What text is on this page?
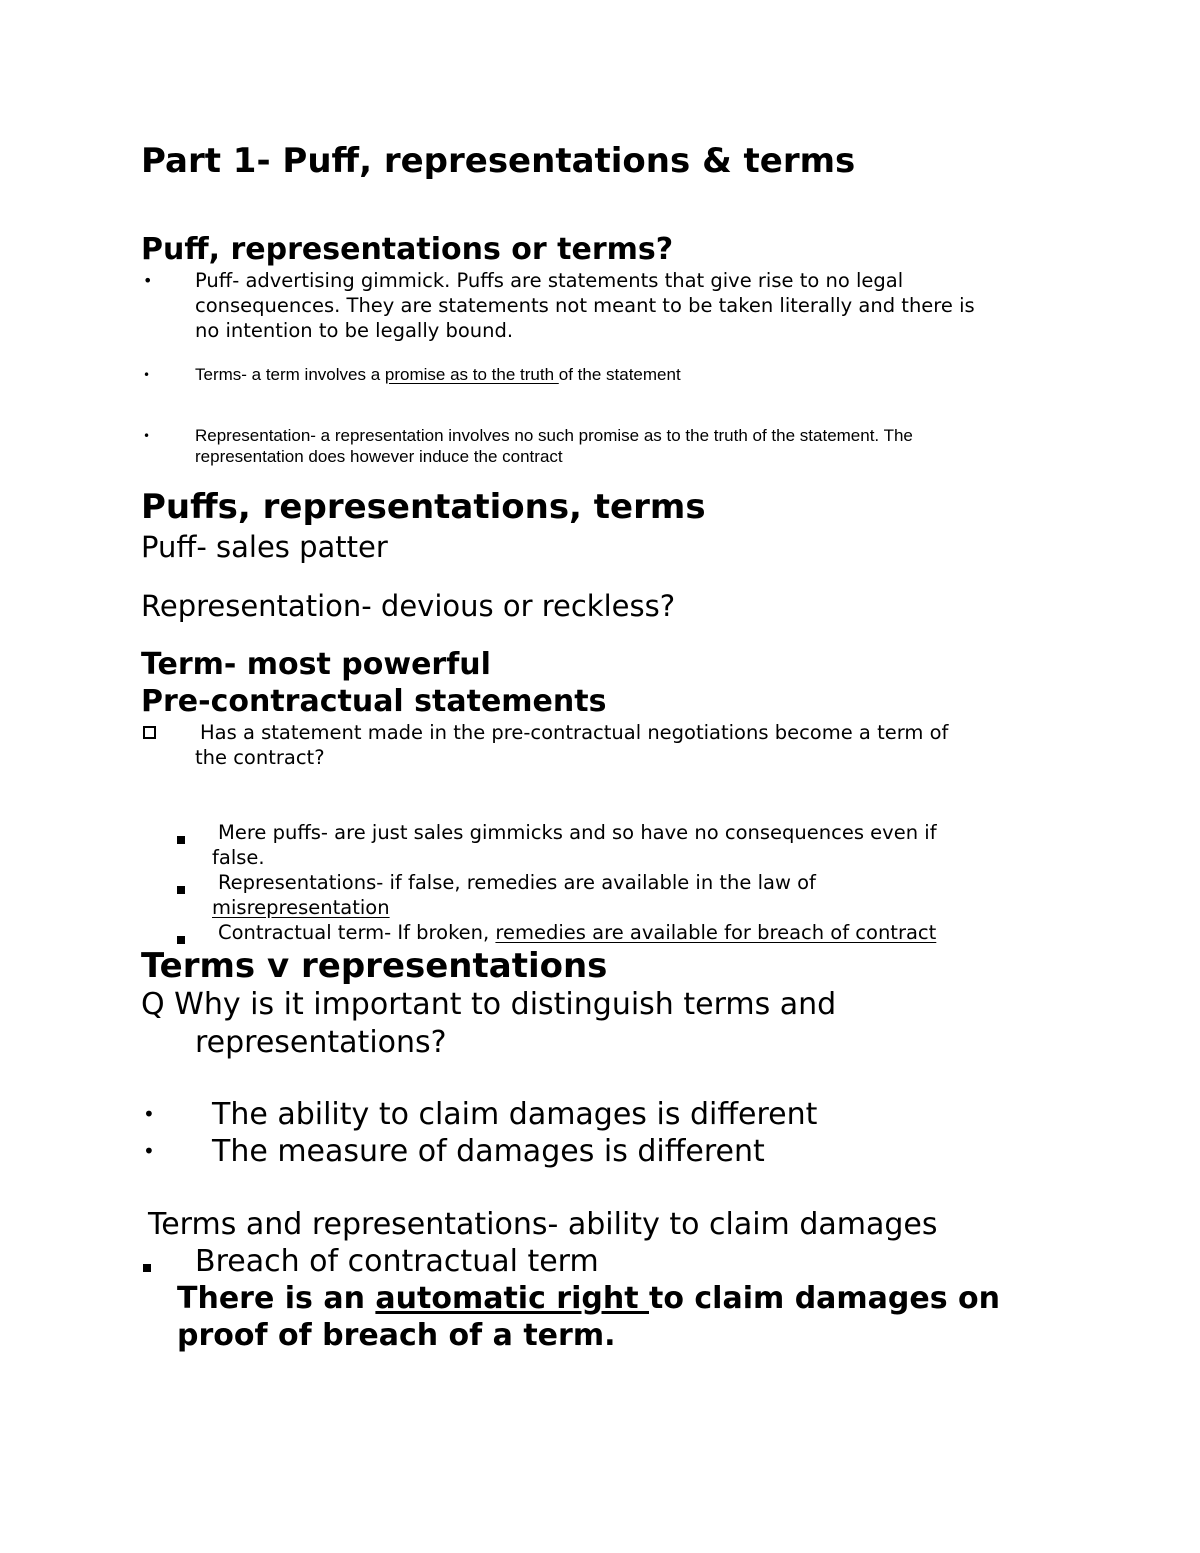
Part 1- Puff, representations & terms
Puff, representations or terms?
• Puff- advertising gimmick. Puffs are statements that give rise to no legal
consequences. They are statements not meant to be taken literally and there is
no intention to be legally bound.
•	Terms- a term involves a promise as to the truth of the statement
•	Representation- a representation involves no such promise as to the truth of the statement. The
representation does however induce the contract
Puffs, representations, terms
Puff- sales patter
Representation- devious or reckless?
Term- most powerful
Pre-contractual statements
Has a statement made in the pre-contractual negotiations become a term of
the contract?
Mere puffs- are just sales gimmicks and so have no consequences even if
false.
Representations- if false, remedies are available in the law of
misrepresentation
Contractual term- If broken, remedies are available for breach of contract
Terms v representations
Q Why is it important to distinguish terms and
representations?
• The ability to claim damages is different
• The measure of damages is different
Terms and representations- ability to claim damages
Breach of contractual term
There is an automatic right to claim damages on
proof of breach of a term.
